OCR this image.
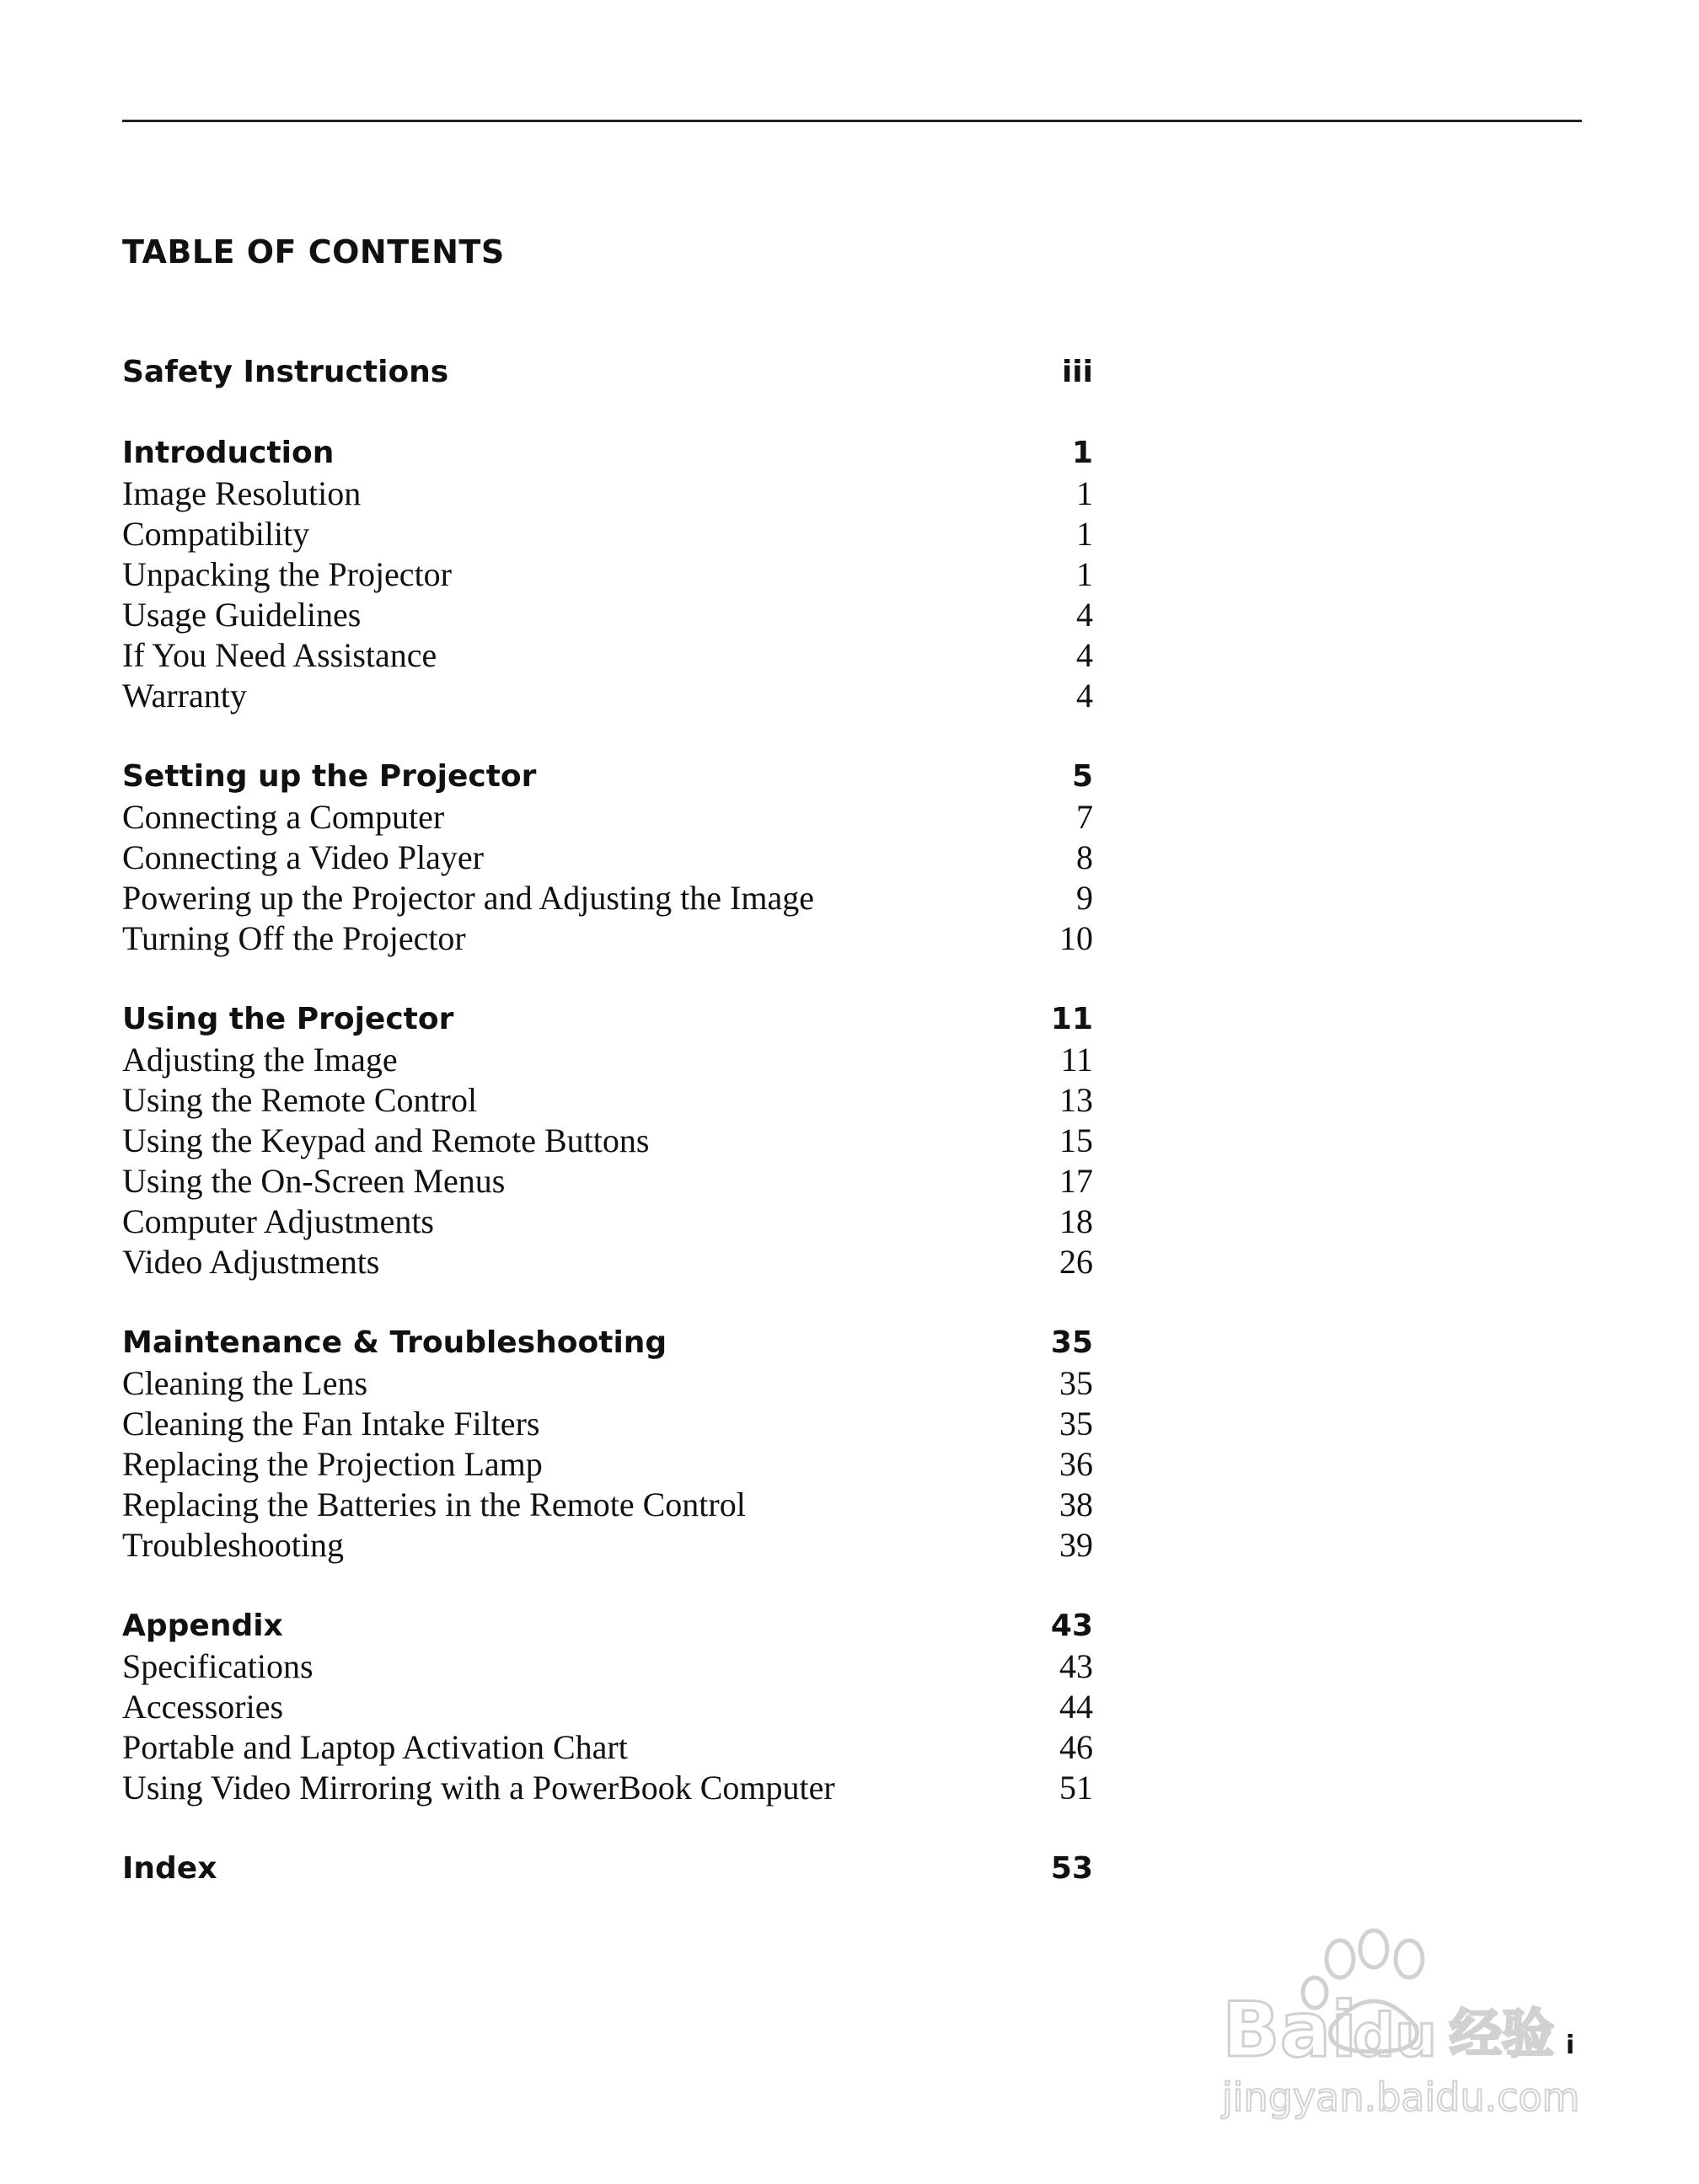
TABLE OF CONTENTS
Safety Instructions	iii
Introduction	1
Image Resolution	1
Compatibility	1
Unpacking the Projector	1
Usage Guidelines	4
If You Need Assistance	4
Warranty	4
Setting up the Projector	5
Connecting a Computer	7
Connecting a Video Player	8
Powering up the Projector and Adjusting the Image	9
Turning Off the Projector	10
Using the Projector	11
Adjusting the Image	11
Using the Remote Control	13
Using the Keypad and Remote Buttons	15
Using the On-Screen Menus	17
Computer Adjustments	18
Video Adjustments	26
Maintenance & Troubleshooting	35
Cleaning the Lens	35
Cleaning the Fan Intake Filters	35
Replacing the Projection Lamp	36
Replacing the Batteries in the Remote Control	38
Troubleshooting	39
Appendix	43
Specifications	43
Accessories	44
Portable and Laptop Activation Chart	46
Using Video Mirroring with a PowerBook Computer	51
Index	53
Bai
du 经验
jingyan.baidu.com
i
